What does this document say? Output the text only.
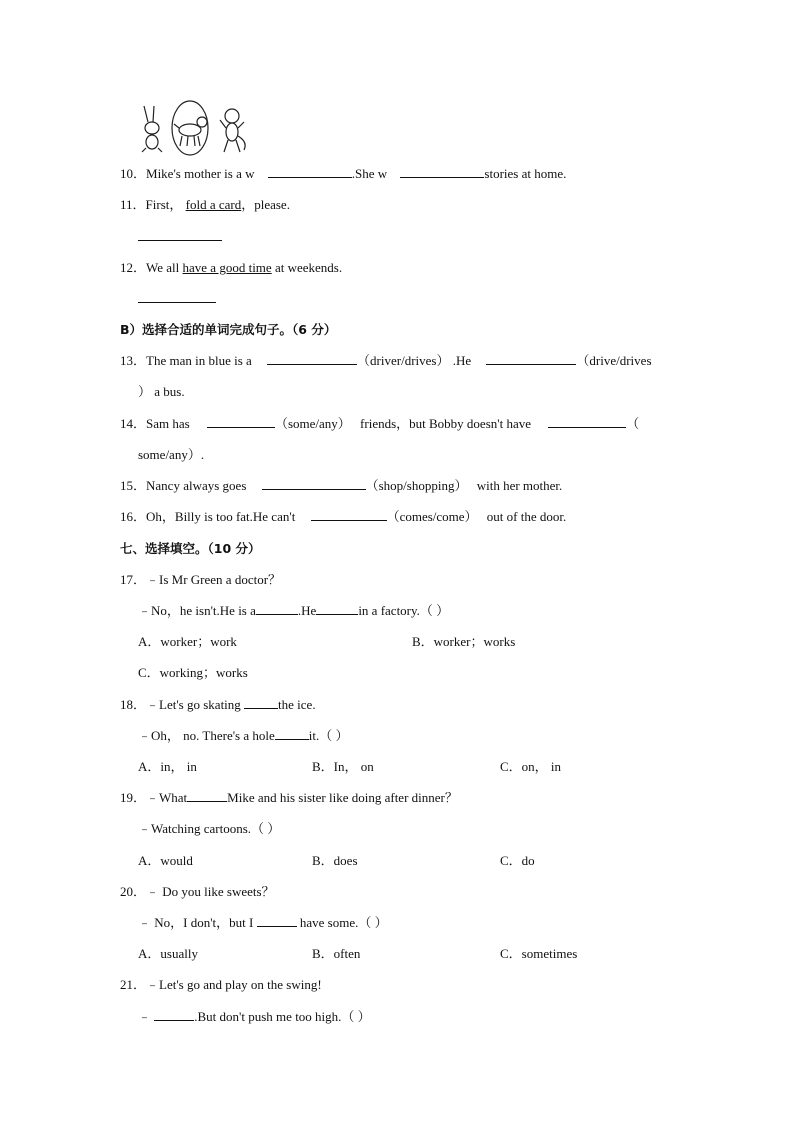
10．Mike's mother is a w	.She w	stories at home.
11．First， fold a card，please.
12．We all have a good time at weekends.
B）选择合适的单词完成句子。（6 分）
13．The man in blue is a	（driver/drives） .He	（drive/drives
） a bus.
14．Sam has	（some/any） friends，but Bobby doesn't have	（
some/any）.
15．Nancy always goes	（shop/shopping） with her mother.
16．Oh，Billy is too fat.He can't	（comes/come） out of the door.
七、选择填空。（10 分）
17．﹣Is Mr Green a doctor？
﹣No，he isn't.He is a	.He	in a factory.（ ）
A．worker；work	B．worker；works
C．working；works
18．﹣Let's go skating	the ice.
﹣Oh， no. There's a hole	it.（ ）
A．in， in	B．In， on	C．on， in
19．﹣What	Mike and his sister like doing after dinner？
﹣Watching cartoons.（ ）
A．would	B．does	C．do
20．﹣ Do you like sweets？
﹣ No，I don't，but I	have some.（ ）
A．usually	B．often	C．sometimes
21．﹣Let's go and play on the swing!
﹣	.But don't push me too high.（ ）
